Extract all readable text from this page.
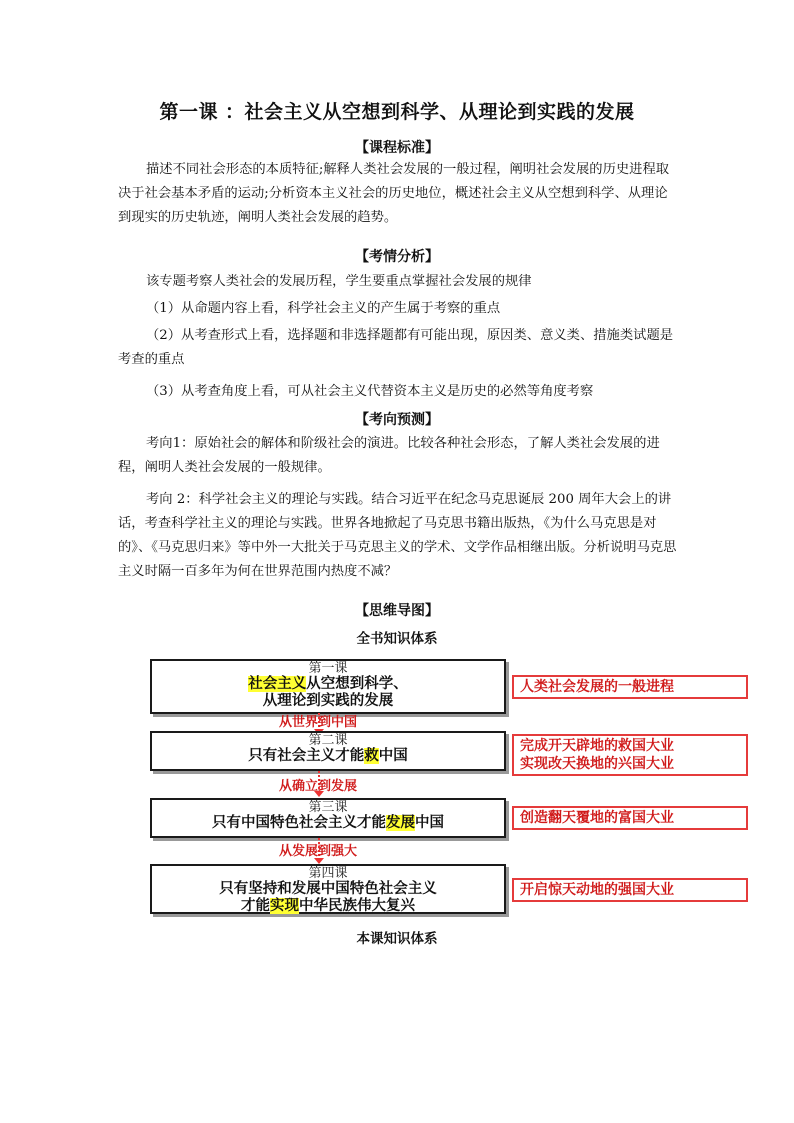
第一课 ：社会主义从空想到科学、从理论到实践的发展
【课程标准】
描述不同社会形态的本质特征;解释人类社会发展的一般过程，阐明社会发展的历史进程取决于社会基本矛盾的运动;分析资本主义社会的历史地位，概述社会主义从空想到科学、从理论到现实的历史轨迹，阐明人类社会发展的趋势。
【考情分析】
该专题考察人类社会的发展历程，学生要重点掌握社会发展的规律
（1）从命题内容上看，科学社会主义的产生属于考察的重点
（2）从考查形式上看，选择题和非选择题都有可能出现，原因类、意义类、措施类试题是考查的重点
（3）从考查角度上看，可从社会主义代替资本主义是历史的必然等角度考察
【考向预测】
考向1：原始社会的解体和阶级社会的演进。比较各种社会形态，了解人类社会发展的进程，阐明人类社会发展的一般规律。
考向 2：科学社会主义的理论与实践。结合习近平在纪念马克思诞辰 200 周年大会上的讲话，考查科学社主义的理论与实践。世界各地掀起了马克思书籍出版热，《为什么马克思是对的》、《马克思归来》等中外一大批关于马克思主义的学术、文学作品相继出版。分析说明马克思主义时隔一百多年为何在世界范围内热度不减？
【思维导图】
全书知识体系
第一课
社会主义从空想到科学、
从理论到实践的发展
从世界到中国
第二课
只有社会主义才能救中国
从确立到发展
第三课
只有中国特色社会主义才能发展中国
从发展到强大
第四课
只有坚持和发展中国特色社会主义
才能实现中华民族伟大复兴
人类社会发展的一般进程
完成开天辟地的救国大业
实现改天换地的兴国大业
创造翻天覆地的富国大业
开启惊天动地的强国大业
本课知识体系
